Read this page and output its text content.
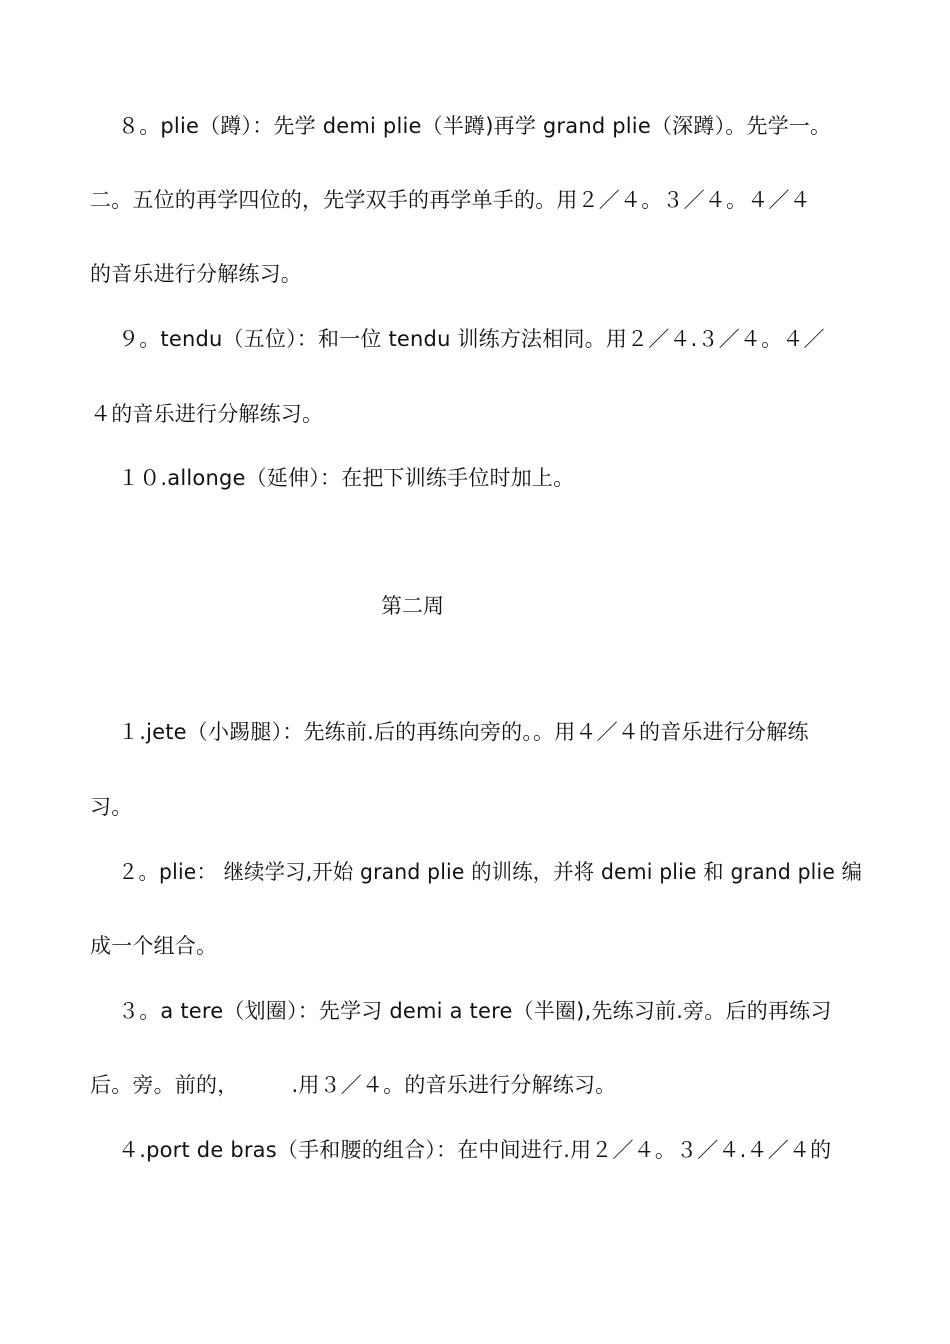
８。plie（蹲）：先学 demi plie（半蹲)再学 grand plie（深蹲）。先学一。
二。五位的再学四位的，先学双手的再学单手的。用２／４。３／４。４／４
的音乐进行分解练习。
９。tendu（五位）：和一位 tendu 训练方法相同。用２／４.３／４。４／
４的音乐进行分解练习。
１０.allonge（延伸）：在把下训练手位时加上。
第二周
１.jete（小踢腿）：先练前.后的再练向旁的。。用４／４的音乐进行分解练
习。
２。plie： 继续学习,开始 grand plie 的训练，并将 demi plie 和 grand plie 编
成一个组合。
３。a tere（划圈）：先学习 demi a tere（半圈),先练习前.旁。后的再练习
后。旁。前的，　　　.用３／４。的音乐进行分解练习。
４.port de bras（手和腰的组合）：在中间进行.用２／４。３／４.４／４的
